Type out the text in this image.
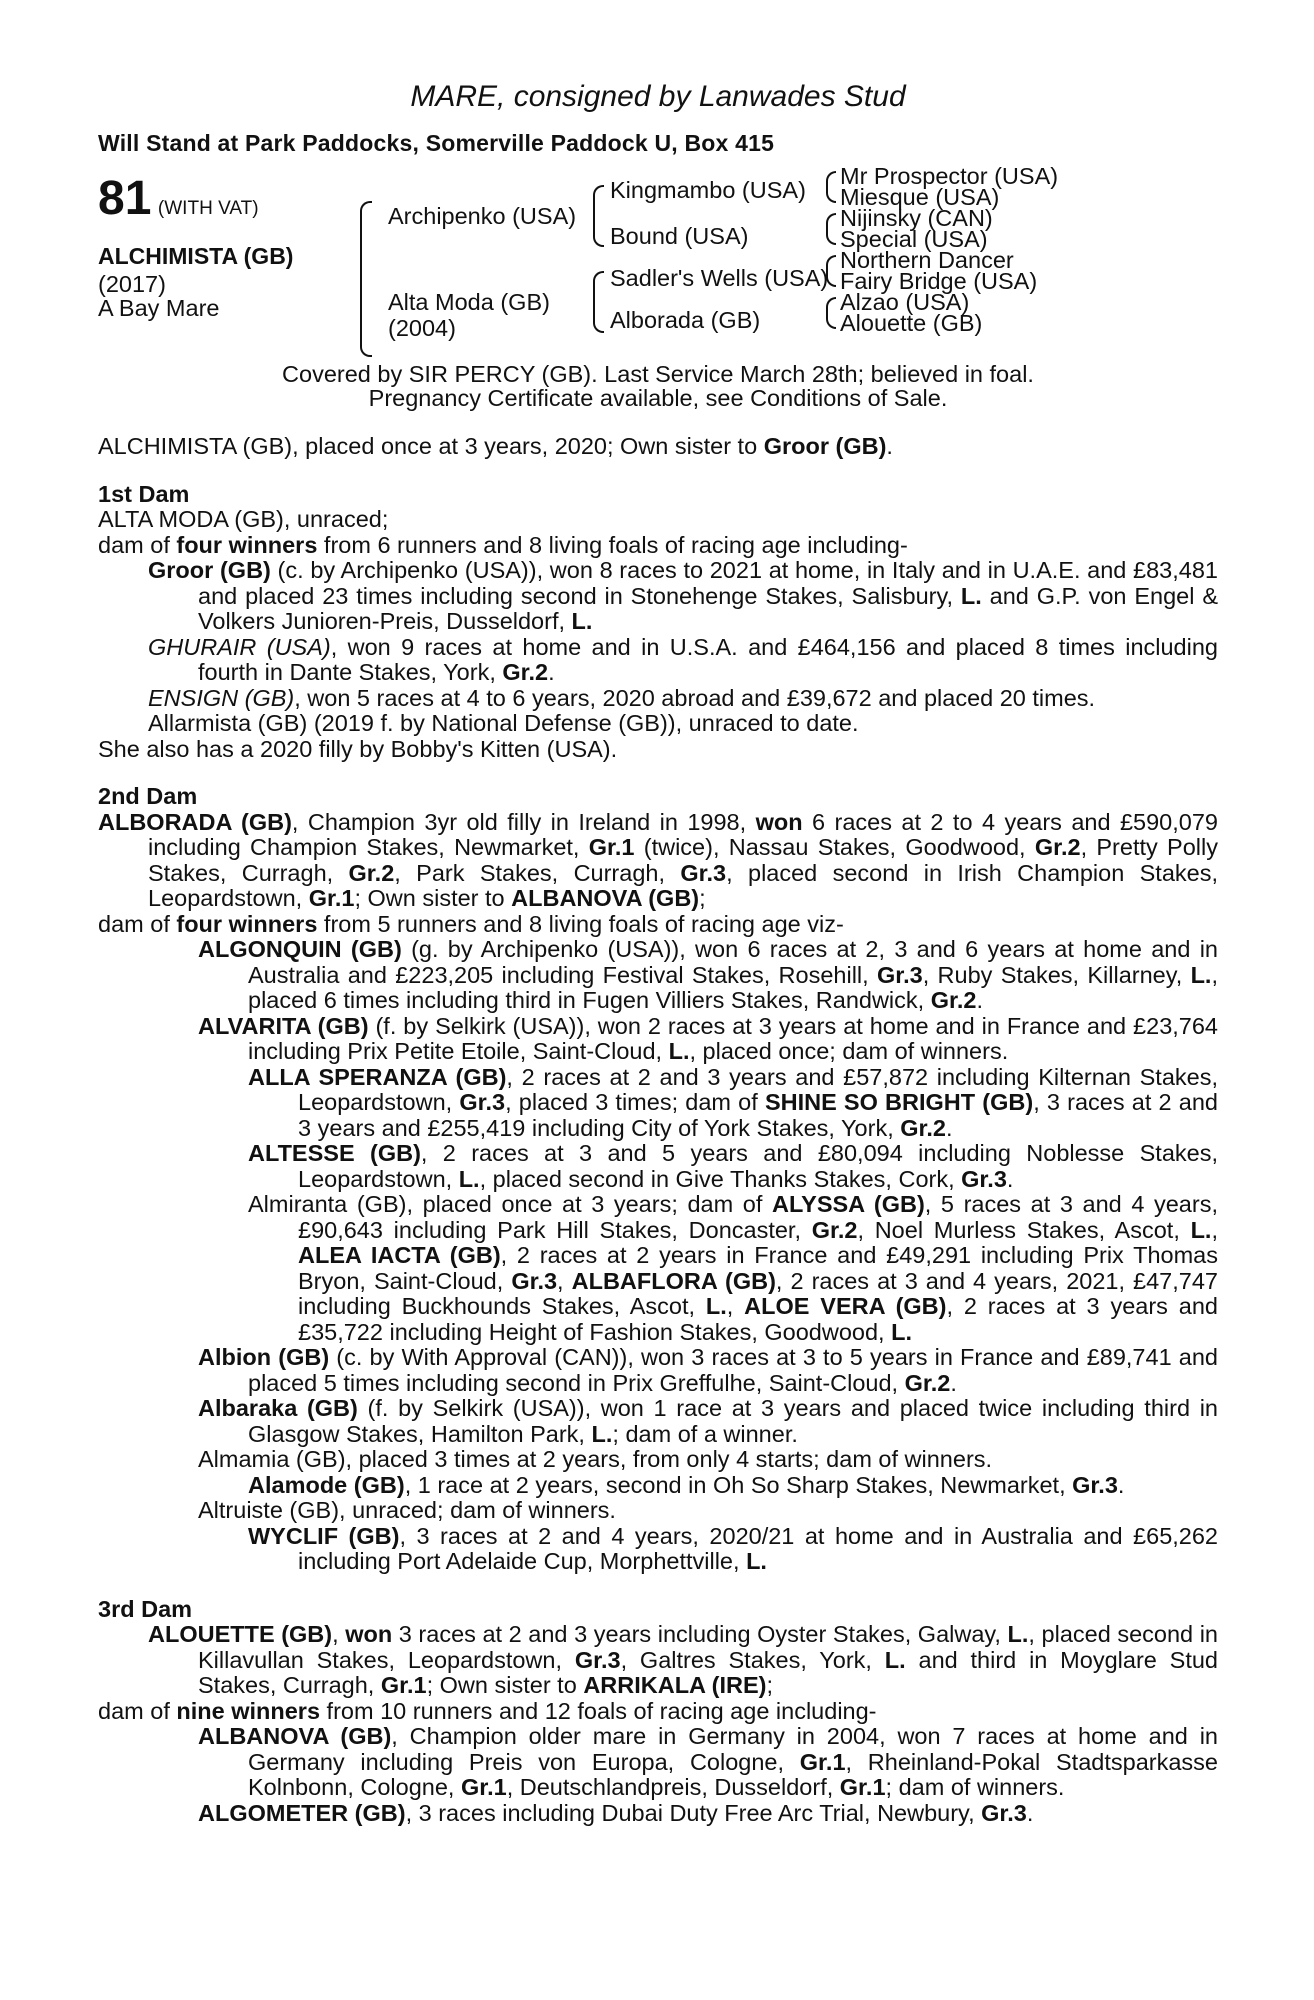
MARE, consigned by Lanwades Stud
Will Stand at Park Paddocks, Somerville Paddock U, Box 415
81 (WITH VAT)
ALCHIMISTA (GB)
(2017)
A Bay Mare
Archipenko (USA)
Alta Moda (GB)
(2004)
Kingmambo (USA)
Bound (USA)
Sadler's Wells (USA)
Alborada (GB)
Mr Prospector (USA)
Miesque (USA)
Nijinsky (CAN)
Special (USA)
Northern Dancer
Fairy Bridge (USA)
Alzao (USA)
Alouette (GB)
Covered by SIR PERCY (GB). Last Service March 28th; believed in foal.
Pregnancy Certificate available, see Conditions of Sale.
ALCHIMISTA (GB), placed once at 3 years, 2020; Own sister to Groor (GB).
1st Dam
ALTA MODA (GB), unraced;
dam of four winners from 6 runners and 8 living foals of racing age including-
Groor (GB) (c. by Archipenko (USA)), won 8 races to 2021 at home, in Italy and in U.A.E. and £83,481 and placed 23 times including second in Stonehenge Stakes, Salisbury, L. and G.P. von Engel & Volkers Junioren-Preis, Dusseldorf, L.
GHURAIR (USA), won 9 races at home and in U.S.A. and £464,156 and placed 8 times including fourth in Dante Stakes, York, Gr.2.
ENSIGN (GB), won 5 races at 4 to 6 years, 2020 abroad and £39,672 and placed 20 times.
Allarmista (GB) (2019 f. by National Defense (GB)), unraced to date.
She also has a 2020 filly by Bobby's Kitten (USA).
2nd Dam
ALBORADA (GB), Champion 3yr old filly in Ireland in 1998, won 6 races at 2 to 4 years and £590,079 including Champion Stakes, Newmarket, Gr.1 (twice), Nassau Stakes, Goodwood, Gr.2, Pretty Polly Stakes, Curragh, Gr.2, Park Stakes, Curragh, Gr.3, placed second in Irish Champion Stakes, Leopardstown, Gr.1; Own sister to ALBANOVA (GB);
dam of four winners from 5 runners and 8 living foals of racing age viz-
ALGONQUIN (GB) (g. by Archipenko (USA)), won 6 races at 2, 3 and 6 years at home and in Australia and £223,205 including Festival Stakes, Rosehill, Gr.3, Ruby Stakes, Killarney, L., placed 6 times including third in Fugen Villiers Stakes, Randwick, Gr.2.
ALVARITA (GB) (f. by Selkirk (USA)), won 2 races at 3 years at home and in France and £23,764 including Prix Petite Etoile, Saint-Cloud, L., placed once; dam of winners.
ALLA SPERANZA (GB), 2 races at 2 and 3 years and £57,872 including Kilternan Stakes, Leopardstown, Gr.3, placed 3 times; dam of SHINE SO BRIGHT (GB), 3 races at 2 and 3 years and £255,419 including City of York Stakes, York, Gr.2.
ALTESSE (GB), 2 races at 3 and 5 years and £80,094 including Noblesse Stakes, Leopardstown, L., placed second in Give Thanks Stakes, Cork, Gr.3.
Almiranta (GB), placed once at 3 years; dam of ALYSSA (GB), 5 races at 3 and 4 years, £90,643 including Park Hill Stakes, Doncaster, Gr.2, Noel Murless Stakes, Ascot, L., ALEA IACTA (GB), 2 races at 2 years in France and £49,291 including Prix Thomas Bryon, Saint-Cloud, Gr.3, ALBAFLORA (GB), 2 races at 3 and 4 years, 2021, £47,747 including Buckhounds Stakes, Ascot, L., ALOE VERA (GB), 2 races at 3 years and £35,722 including Height of Fashion Stakes, Goodwood, L.
Albion (GB) (c. by With Approval (CAN)), won 3 races at 3 to 5 years in France and £89,741 and placed 5 times including second in Prix Greffulhe, Saint-Cloud, Gr.2.
Albaraka (GB) (f. by Selkirk (USA)), won 1 race at 3 years and placed twice including third in Glasgow Stakes, Hamilton Park, L.; dam of a winner.
Almamia (GB), placed 3 times at 2 years, from only 4 starts; dam of winners.
Alamode (GB), 1 race at 2 years, second in Oh So Sharp Stakes, Newmarket, Gr.3.
Altruiste (GB), unraced; dam of winners.
WYCLIF (GB), 3 races at 2 and 4 years, 2020/21 at home and in Australia and £65,262 including Port Adelaide Cup, Morphettville, L.
3rd Dam
ALOUETTE (GB), won 3 races at 2 and 3 years including Oyster Stakes, Galway, L., placed second in Killavullan Stakes, Leopardstown, Gr.3, Galtres Stakes, York, L. and third in Moyglare Stud Stakes, Curragh, Gr.1; Own sister to ARRIKALA (IRE);
dam of nine winners from 10 runners and 12 foals of racing age including-
ALBANOVA (GB), Champion older mare in Germany in 2004, won 7 races at home and in Germany including Preis von Europa, Cologne, Gr.1, Rheinland-Pokal Stadtsparkasse Kolnbonn, Cologne, Gr.1, Deutschlandpreis, Dusseldorf, Gr.1; dam of winners.
ALGOMETER (GB), 3 races including Dubai Duty Free Arc Trial, Newbury, Gr.3.
